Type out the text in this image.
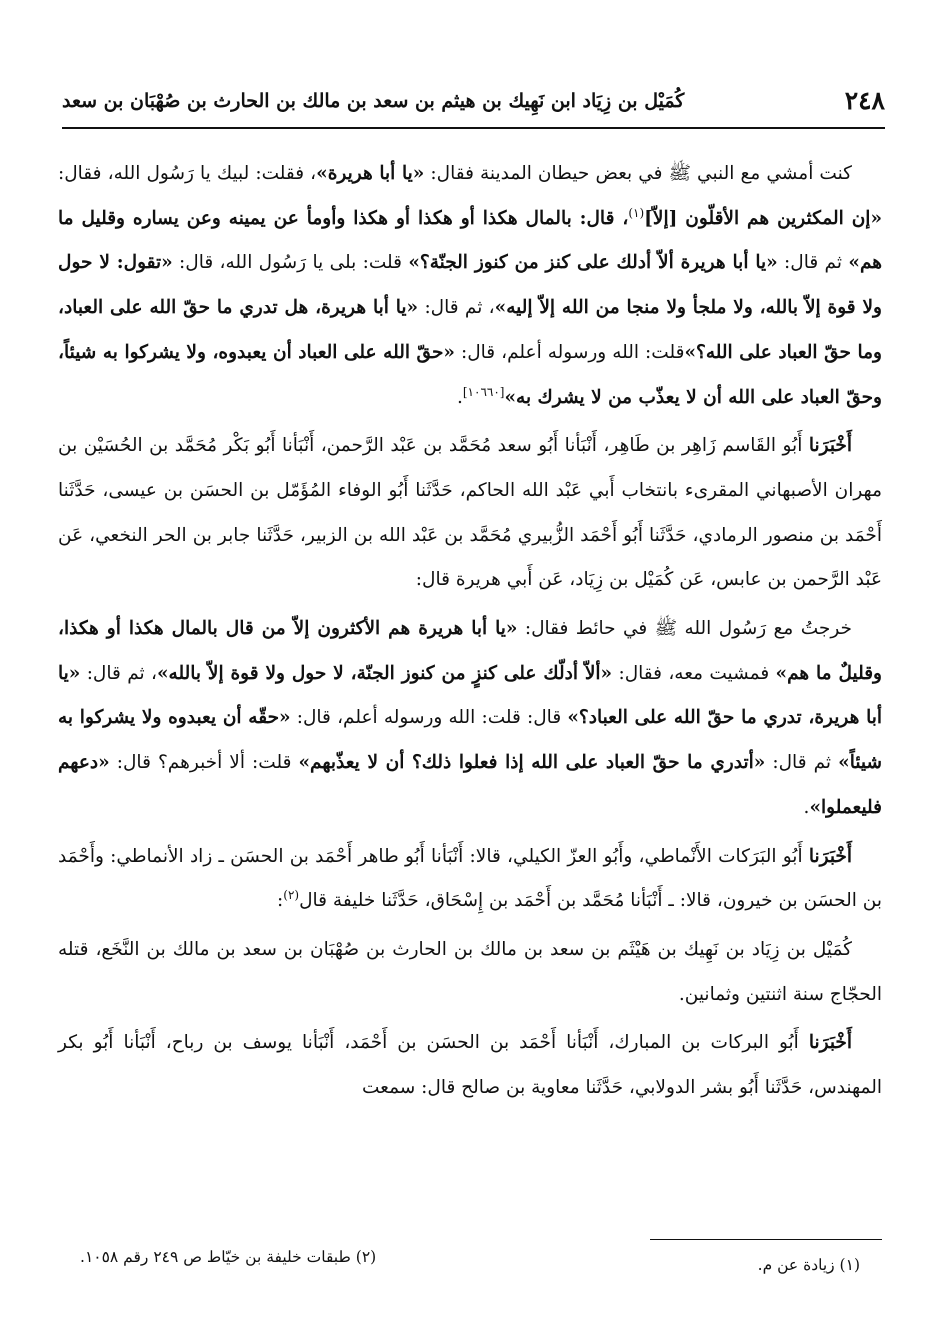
٢٤٨
كُمَيْل بن زِيَاد ابن نَهِيك بن هيثم بن سعد بن مالك بن الحارث بن صُهْبَان بن سعد

كنت أمشي مع النبي ﷺ في بعض حيطان المدينة فقال: «يا أبا هريرة»، فقلت: لبيك يا رَسُول الله، فقال: «إن المكثرين هم الأقلّون [إلاّ]$^{(١)}$، قال: بالمال هكذا أو هكذا أو هكذا وأومأ عن يمينه وعن يساره وقليل ما هم» ثم قال: «يا أبا هريرة ألاّ أدلك على كنز من كنوز الجنّة؟» قلت: بلى يا رَسُول الله، قال: «تقول: لا حول ولا قوة إلاّ بالله، ولا ملجأ ولا منجا من الله إلاّ إليه»، ثم قال: «يا أبا هريرة، هل تدري ما حقّ الله على العباد، وما حقّ العباد على الله؟»قلت: الله ورسوله أعلم، قال: «حقّ الله على العباد أن يعبدوه، ولا يشركوا به شيئاً، وحقّ العباد على الله أن لا يعذّب من لا يشرك به»[١٠٦٦٠].

أَخْبَرَنا أَبُو القَاسم زَاهِر بن طَاهِر، أَنْبَأنا أَبُو سعد مُحَمَّد بن عَبْد الرَّحمن، أَنْبَأنا أَبُو بَكْر مُحَمَّد بن الحُسَيْن بن مهران الأصبهاني المقرىء بانتخاب أَبي عَبْد الله الحاكم، حَدَّثَنا أَبُو الوفاء المُؤَمّل بن الحسَن بن عيسى، حَدَّثَنا أَحْمَد بن منصور الرمادي، حَدَّثَنا أَبُو أَحْمَد الزُّبيري مُحَمَّد بن عَبْد الله بن الزبير، حَدَّثَنا جابر بن الحر النخعي، عَن عَبْد الرَّحمن بن عابس، عَن كُمَيْل بن زِيَاد، عَن أَبي هريرة قال:

خرجتُ مع رَسُول الله ﷺ في حائط فقال: «يا أبا هريرة هم الأكثرون إلاّ من قال بالمال هكذا أو هكذا، وقليلٌ ما هم» فمشيت معه، فقال: «ألاّ أدلّك على كنزٍ من كنوز الجنّة، لا حول ولا قوة إلاّ بالله»، ثم قال: «يا أبا هريرة، تدري ما حقّ الله على العباد؟» قال: قلت: الله ورسوله أعلم، قال: «حقّه أن يعبدوه ولا يشركوا به شيئاً» ثم قال: «أتدري ما حقّ العباد على الله إذا فعلوا ذلك؟ أن لا يعذّبهم» قلت: ألا أخبرهم؟ قال: «دعهم فليعملوا».

أَخْبَرَنا أَبُو البَرَكات الأَنْماطي، وأَبُو العزّ الكيلي، قالا: أَنْبَأنا أَبُو طاهر أَحْمَد بن الحسَن ـ زاد الأنماطي: وأَحْمَد بن الحسَن بن خيرون، قالا: ـ أَنْبَأنا مُحَمَّد بن أَحْمَد بن إِسْحَاق، حَدَّثَنا خليفة قال$^{(٢)}$:

كُمَيْل بن زِيَاد بن نَهِيك بن هَيْثَم بن سعد بن مالك بن الحارث بن صُهْبَان بن سعد بن مالك بن النَّخَع، قتله الحجّاج سنة اثنتين وثمانين.

أَخْبَرَنا أَبُو البركات بن المبارك، أَنْبَأنا أَحْمَد بن الحسَن بن أَحْمَد، أَنْبَأنا يوسف بن رباح، أَنْبَأنا أَبُو بكر المهندس، حَدَّثَنا أَبُو بشر الدولابي، حَدَّثَنا معاوية بن صالح قال: سمعت

(١) زيادة عن م.
(٢) طبقات خليفة بن خيّاط ص ٢٤٩ رقم ١٠٥٨.
